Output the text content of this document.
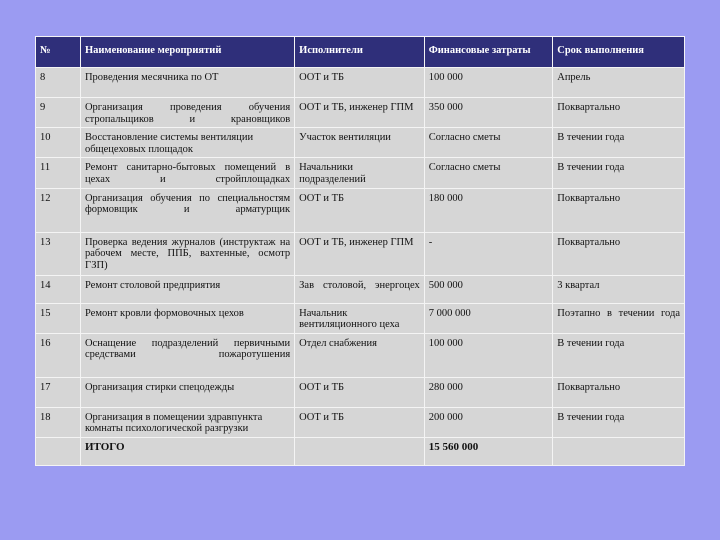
№	Наименование мероприятий	Исполнители	Финансовые затраты	Срок выполнения
8	Проведения месячника по ОТ	ООТ и ТБ	100 000	Апрель
9	Организация проведения обучения стропальщиков и крановщиков	ООТ и ТБ, инженер ГПМ	350 000	Поквартально
10	Восстановление системы вентиляции общецеховых площадок	Участок вентиляции	Согласно сметы	В течении года
11	Ремонт санитарно-бытовых помещений в цехах и стройплощадках	Начальники подразделений	Согласно сметы	В течении года
12	Организация обучения по специальностям формовщик и арматурщик	ООТ и ТБ	180 000	Поквартально
13	Проверка ведения журналов (инструктаж на рабочем месте, ППБ, вахтенные, осмотр ГЗП)	ООТ и ТБ, инженер ГПМ	-	Поквартально
14	Ремонт столовой предприятия	Зав столовой, энергоцех	500 000	3 квартал
15	Ремонт кровли формовочных цехов	Начальник вентиляционного цеха	7 000 000	Поэтапно в течении года
16	Оснащение подразделений первичными средствами пожаротушения	Отдел снабжения	100 000	В течении года
17	Организация стирки спецодежды	ООТ и ТБ	280 000	Поквартально
18	Организация в помещении здравпункта комнаты психологической разгрузки	ООТ и ТБ	200 000	В течении года
	ИТОГО		15 560 000	
